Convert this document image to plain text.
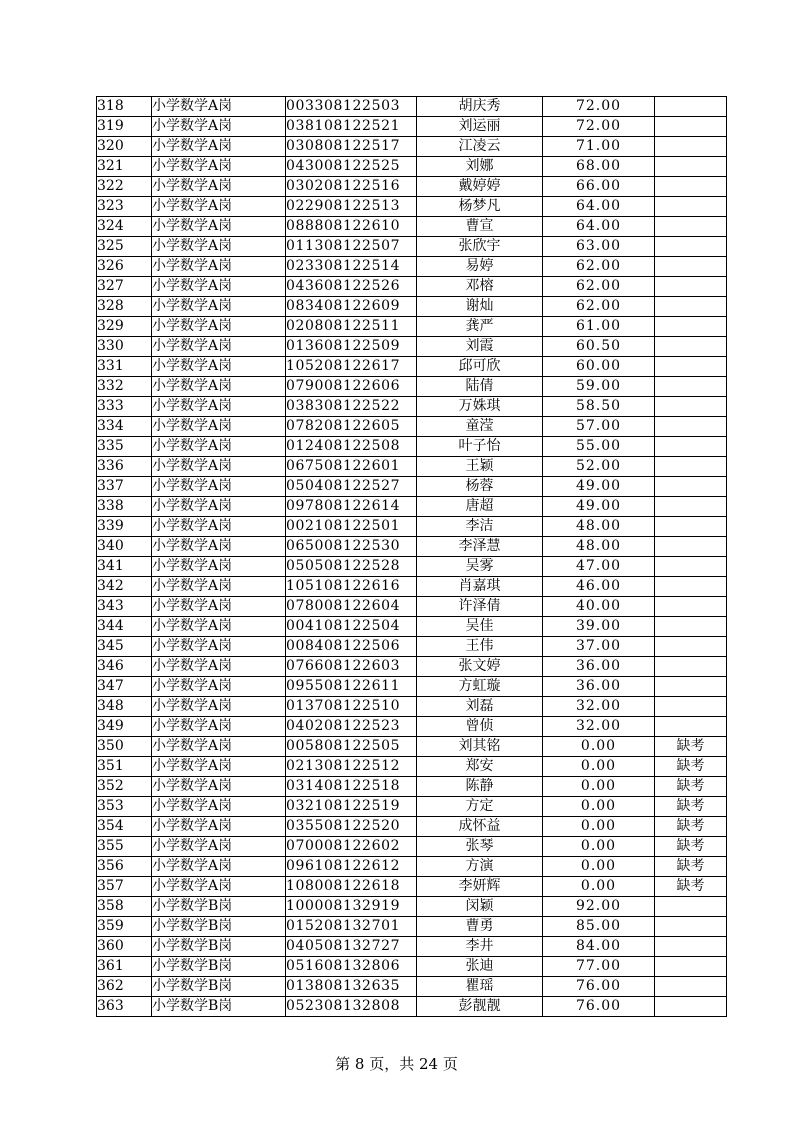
318	小学数学A岗	003308122503	胡庆秀	72.00	
319	小学数学A岗	038108122521	刘运丽	72.00	
320	小学数学A岗	030808122517	江凌云	71.00	
321	小学数学A岗	043008122525	刘娜	68.00	
322	小学数学A岗	030208122516	戴婷婷	66.00	
323	小学数学A岗	022908122513	杨梦凡	64.00	
324	小学数学A岗	088808122610	曹宣	64.00	
325	小学数学A岗	011308122507	张欣宇	63.00	
326	小学数学A岗	023308122514	易婷	62.00	
327	小学数学A岗	043608122526	邓榕	62.00	
328	小学数学A岗	083408122609	谢灿	62.00	
329	小学数学A岗	020808122511	龚严	61.00	
330	小学数学A岗	013608122509	刘霞	60.50	
331	小学数学A岗	105208122617	邱可欣	60.00	
332	小学数学A岗	079008122606	陆倩	59.00	
333	小学数学A岗	038308122522	万姝琪	58.50	
334	小学数学A岗	078208122605	童滢	57.00	
335	小学数学A岗	012408122508	叶子怡	55.00	
336	小学数学A岗	067508122601	王颖	52.00	
337	小学数学A岗	050408122527	杨蓉	49.00	
338	小学数学A岗	097808122614	唐超	49.00	
339	小学数学A岗	002108122501	李洁	48.00	
340	小学数学A岗	065008122530	李泽慧	48.00	
341	小学数学A岗	050508122528	吴雾	47.00	
342	小学数学A岗	105108122616	肖嘉琪	46.00	
343	小学数学A岗	078008122604	许泽倩	40.00	
344	小学数学A岗	004108122504	吴佳	39.00	
345	小学数学A岗	008408122506	王伟	37.00	
346	小学数学A岗	076608122603	张文婷	36.00	
347	小学数学A岗	095508122611	方虹璇	36.00	
348	小学数学A岗	013708122510	刘磊	32.00	
349	小学数学A岗	040208122523	曾侦	32.00	
350	小学数学A岗	005808122505	刘其铭	0.00	缺考
351	小学数学A岗	021308122512	郑安	0.00	缺考
352	小学数学A岗	031408122518	陈静	0.00	缺考
353	小学数学A岗	032108122519	方定	0.00	缺考
354	小学数学A岗	035508122520	成怀益	0.00	缺考
355	小学数学A岗	070008122602	张琴	0.00	缺考
356	小学数学A岗	096108122612	方演	0.00	缺考
357	小学数学A岗	108008122618	李妍辉	0.00	缺考
358	小学数学B岗	100008132919	闵颖	92.00	
359	小学数学B岗	015208132701	曹勇	85.00	
360	小学数学B岗	040508132727	李井	84.00	
361	小学数学B岗	051608132806	张迪	77.00	
362	小学数学B岗	013808132635	瞿瑶	76.00	
363	小学数学B岗	052308132808	彭靓靓	76.00	
第 8 页，共 24 页
